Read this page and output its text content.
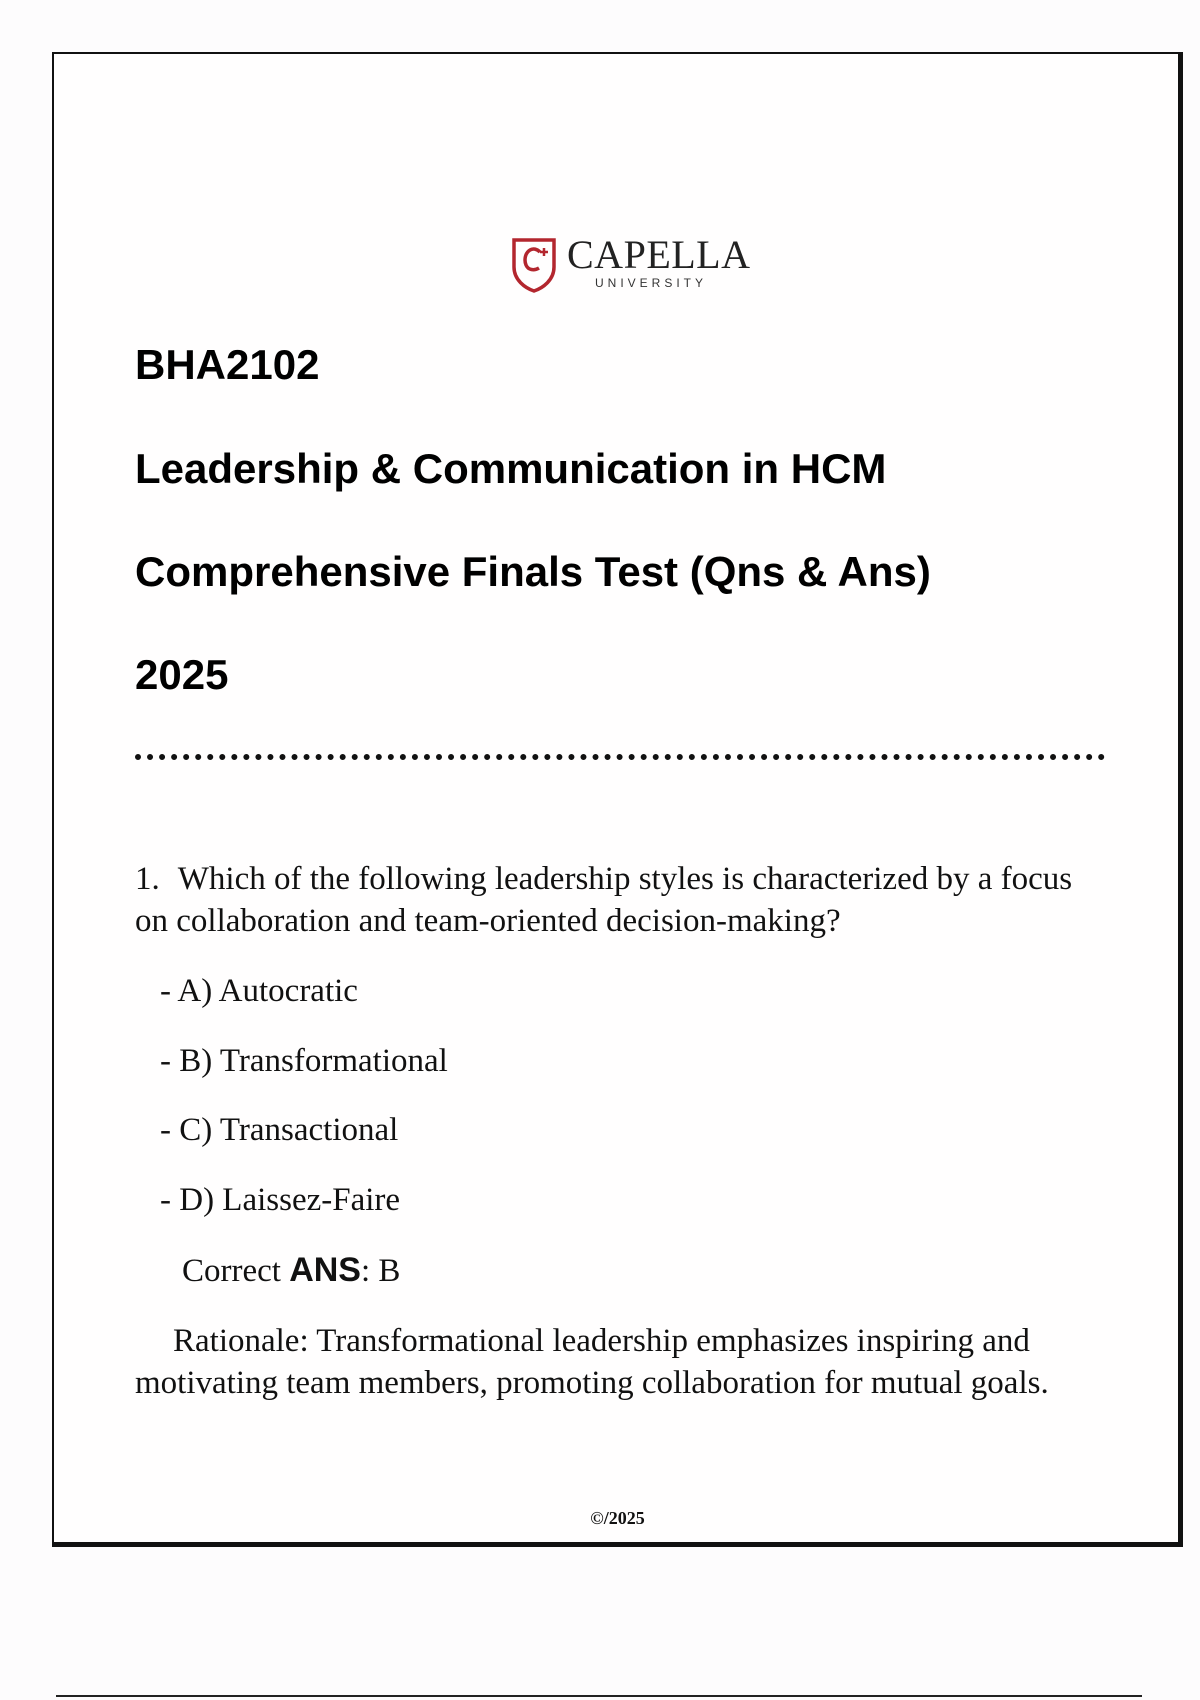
CAPELLA
UNIVERSITY
BHA2102
Leadership & Communication in HCM
Comprehensive Finals Test (Qns & Ans)
2025
1. Which of the following leadership styles is characterized by a focus on collaboration and team-oriented decision-making?
- A) Autocratic
- B) Transformational
- C) Transactional
- D) Laissez-Faire
Correct ANS: B
Rationale: Transformational leadership emphasizes inspiring and motivating team members, promoting collaboration for mutual goals.
©/2025
